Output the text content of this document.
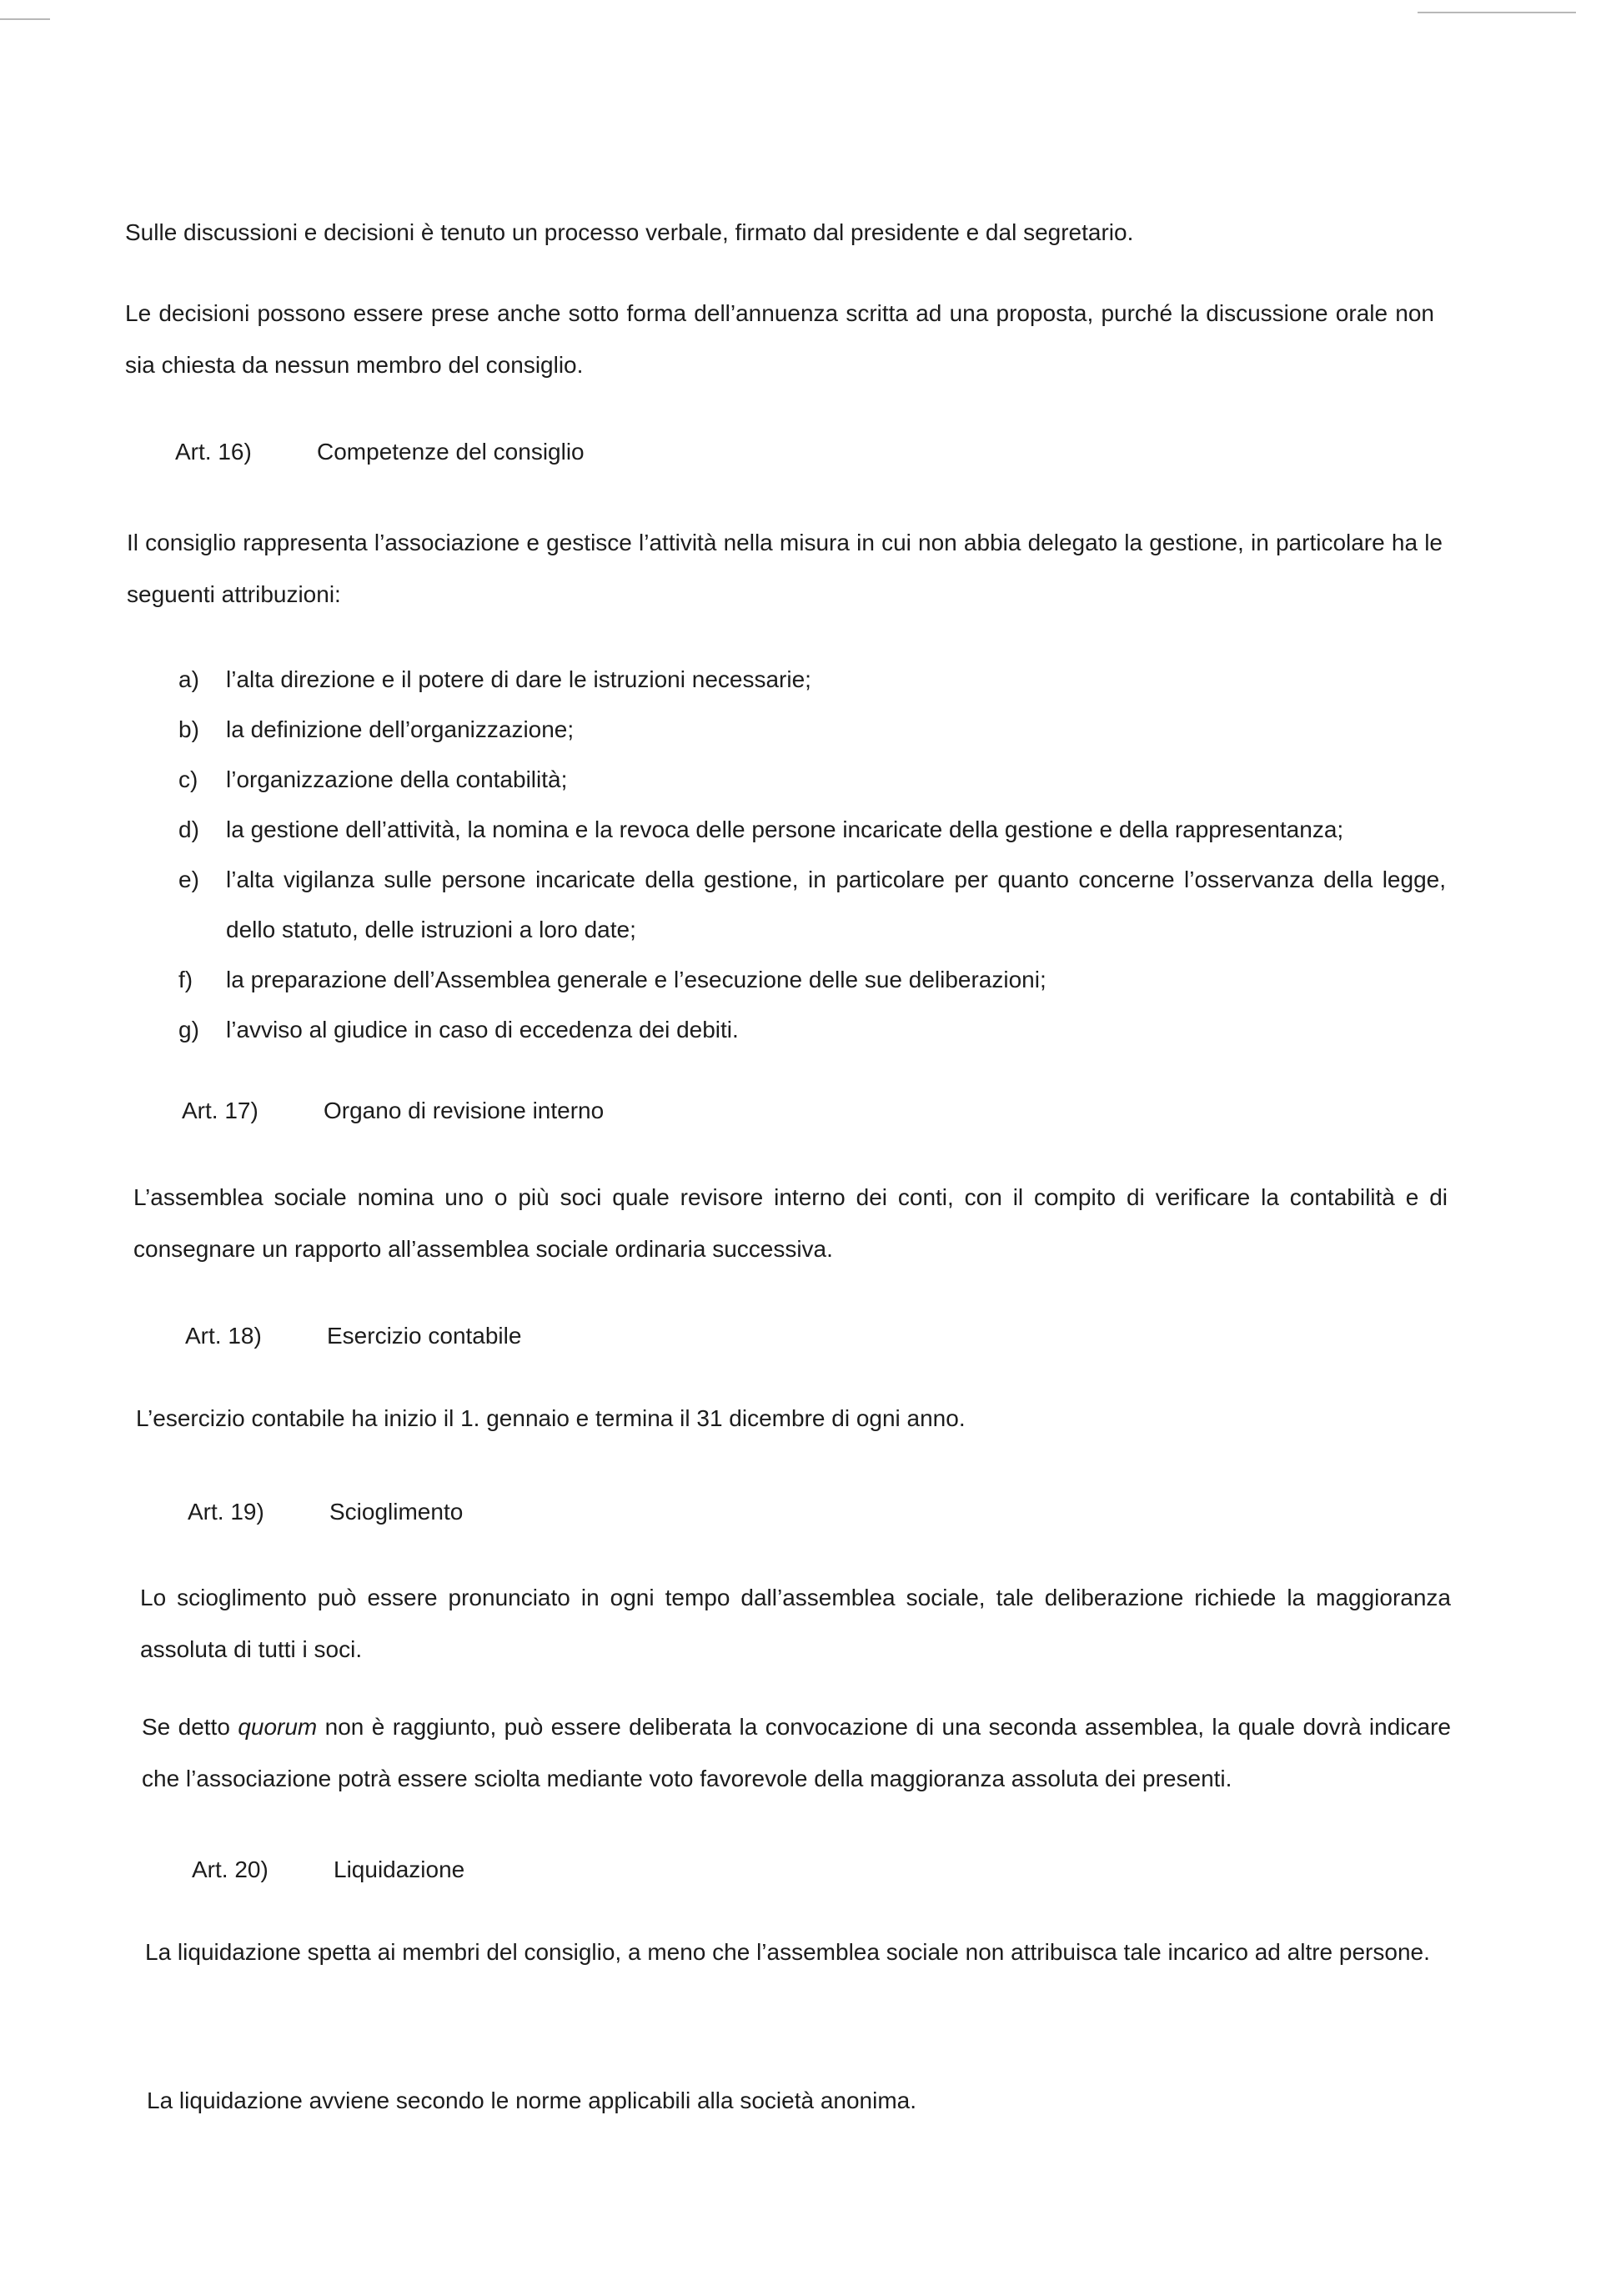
Sulle discussioni e decisioni è tenuto un processo verbale, firmato dal presidente e dal segretario.

Le decisioni possono essere prese anche sotto forma dell’annuenza scritta ad una proposta, purché la discussione orale non sia chiesta da nessun membro del consiglio.

Art. 16)	Competenze del consiglio

Il consiglio rappresenta l’associazione e gestisce l’attività nella misura in cui non abbia delegato la gestione, in particolare ha le seguenti attribuzioni:

a)	l’alta direzione e il potere di dare le istruzioni necessarie;
b)	la definizione dell’organizzazione;
c)	l’organizzazione della contabilità;
d)	la gestione dell’attività, la nomina e la revoca delle persone incaricate della gestione e della rappresentanza;
e)	l’alta vigilanza sulle persone incaricate della gestione, in particolare per quanto concerne l’osservanza della legge, dello statuto, delle istruzioni a loro date;
f)	la preparazione dell’Assemblea generale e l’esecuzione delle sue deliberazioni;
g)	l’avviso al giudice in caso di eccedenza dei debiti.
Art. 17)	Organo di revisione interno

L’assemblea sociale nomina uno o più soci quale revisore interno dei conti, con il compito di verificare la contabilità e di consegnare un rapporto all’assemblea sociale ordinaria successiva.

Art. 18)	Esercizio contabile

L’esercizio contabile ha inizio il 1. gennaio e termina il 31 dicembre di ogni anno.

Art. 19)	Scioglimento

Lo scioglimento può essere pronunciato in ogni tempo dall’assemblea sociale, tale deliberazione richiede la maggioranza assoluta di tutti i soci.

Se detto quorum non è raggiunto, può essere deliberata la convocazione di una seconda assemblea, la quale dovrà indicare che l’associazione potrà essere sciolta mediante voto favorevole della maggioranza assoluta dei presenti.

Art. 20)	Liquidazione

La liquidazione spetta ai membri del consiglio, a meno che l’assemblea sociale non attribuisca tale incarico ad altre persone.

La liquidazione avviene secondo le norme applicabili alla società anonima.
